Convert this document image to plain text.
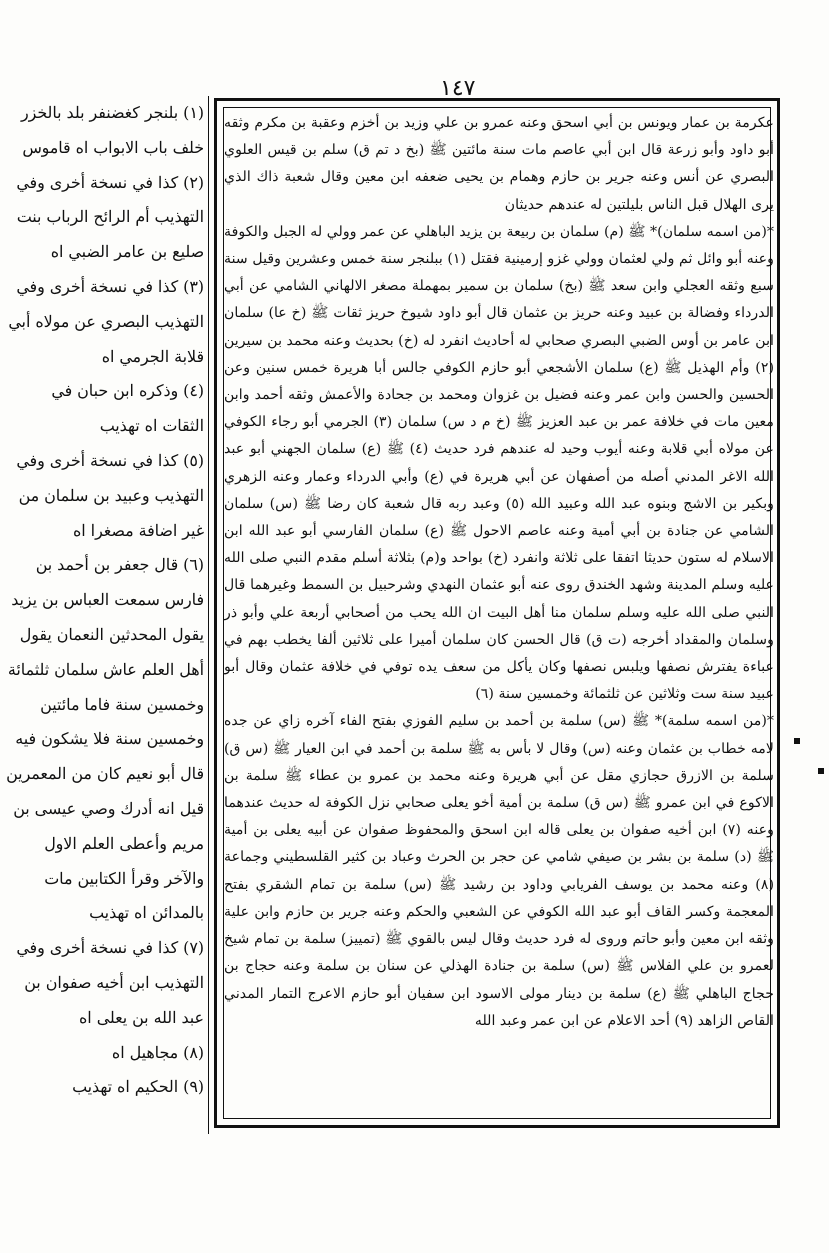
١٤٧

(١) بلنجر كغضنفر بلد بالخزر خلف باب الابواب اه قاموس

(٢) كذا في نسخة أخرى وفي التهذيب أم الرائح الرباب بنت صليع بن عامر الضبي اه

(٣) كذا في نسخة أخرى وفي التهذيب البصري عن مولاه أبي قلابة الجرمي اه

(٤) وذكره ابن حبان في الثقات اه تهذيب

(٥) كذا في نسخة أخرى وفي التهذيب وعبيد بن سلمان من غير اضافة مصغرا اه

(٦) قال جعفر بن أحمد بن فارس سمعت العباس بن يزيد يقول المحدثين النعمان يقول أهل العلم عاش سلمان ثلثمائة وخمسين سنة فاما مائتين وخمسين سنة فلا يشكون فيه قال أبو نعيم كان من المعمرين قيل انه أدرك وصي عيسى بن مريم وأعطى العلم الاول والآخر وقرأ الكتابين مات بالمدائن اه تهذيب

(٧) كذا في نسخة أخرى وفي التهذيب ابن أخيه صفوان بن عبد الله بن يعلى اه

(٨) مجاهيل اه

(٩) الحكيم اه تهذيب

عكرمة بن عمار ويونس بن أبي اسحق وعنه عمرو بن علي وزيد بن أخزم وعقبة بن مكرم وثقه أبو داود وأبو زرعة قال ابن أبي عاصم مات سنة مائتين ﷺ (بخ د تم ق) سلم بن قيس العلوي البصري عن أنس وعنه جرير بن حازم وهمام بن يحيى ضعفه ابن معين وقال شعبة ذاك الذي يرى الهلال قبل الناس بليلتين له عندهم حديثان

*(من اسمه سلمان)* ﷺ (م) سلمان بن ربيعة بن يزيد الباهلي عن عمر وولي له الجبل والكوفة وعنه أبو وائل ثم ولي لعثمان وولي غزو إرمينية فقتل (١) ببلنجر سنة خمس وعشرين وقيل سنة سبع وثقه العجلي وابن سعد ﷺ (بخ) سلمان بن سمير بمهملة مصغر الالهاني الشامي عن أبي الدرداء وفضالة بن عبيد وعنه حريز بن عثمان قال أبو داود شيوخ حريز ثقات ﷺ (خ عا) سلمان ابن عامر بن أوس الضبي البصري صحابي له أحاديث انفرد له (خ) بحديث وعنه محمد بن سيرين (٢) وأم الهذيل ﷺ (ع) سلمان الأشجعي أبو حازم الكوفي جالس أبا هريرة خمس سنين وعن الحسين والحسن وابن عمر وعنه فضيل بن غزوان ومحمد بن جحادة والأعمش وثقه أحمد وابن معين مات في خلافة عمر بن عبد العزيز ﷺ (خ م د س) سلمان (٣) الجرمي أبو رجاء الكوفي عن مولاه أبي قلابة وعنه أيوب وحيد له عندهم فرد حديث (٤) ﷺ (ع) سلمان الجهني أبو عبد الله الاغر المدني أصله من أصفهان عن أبي هريرة في (ع) وأبي الدرداء وعمار وعنه الزهري وبكير بن الاشج وبنوه عبد الله وعبيد الله (٥) وعبد ربه قال شعبة كان رضا ﷺ (س) سلمان الشامي عن جنادة بن أبي أمية وعنه عاصم الاحول ﷺ (ع) سلمان الفارسي أبو عبد الله ابن الاسلام له ستون حديثا اتفقا على ثلاثة وانفرد (خ) بواحد و(م) بثلاثة أسلم مقدم النبي صلى الله عليه وسلم المدينة وشهد الخندق روى عنه أبو عثمان النهدي وشرحبيل بن السمط وغيرهما قال النبي صلى الله عليه وسلم سلمان منا أهل البيت ان الله يحب من أصحابي أربعة علي وأبو ذر وسلمان والمقداد أخرجه (ت ق) قال الحسن كان سلمان أميرا على ثلاثين ألفا يخطب بهم في عباءة يفترش نصفها ويلبس نصفها وكان يأكل من سعف يده توفي في خلافة عثمان وقال أبو عبيد سنة ست وثلاثين عن ثلثمائة وخمسين سنة (٦)

*(من اسمه سلمة)* ﷺ (س) سلمة بن أحمد بن سليم الفوزي بفتح الفاء آخره زاي عن جده لامه خطاب بن عثمان وعنه (س) وقال لا بأس به ﷺ سلمة بن أحمد في ابن العيار ﷺ (س ق) سلمة بن الازرق حجازي مقل عن أبي هريرة وعنه محمد بن عمرو بن عطاء ﷺ سلمة بن الاكوع في ابن عمرو ﷺ (س ق) سلمة بن أمية أخو يعلى صحابي نزل الكوفة له حديث عندهما وعنه (٧) ابن أخيه صفوان بن يعلى قاله ابن اسحق والمحفوظ صفوان عن أبيه يعلى بن أمية ﷺ (د) سلمة بن بشر بن صيفي شامي عن حجر بن الحرث وعباد بن كثير القلسطيني وجماعة (٨) وعنه محمد بن يوسف الفريابي وداود بن رشيد ﷺ (س) سلمة بن تمام الشقري بفتح المعجمة وكسر القاف أبو عبد الله الكوفي عن الشعبي والحكم وعنه جرير بن حازم وابن علية وثقه ابن معين وأبو حاتم وروى له فرد حديث وقال ليس بالقوي ﷺ (تمييز) سلمة بن تمام شيخ لعمرو بن علي الفلاس ﷺ (س) سلمة بن جنادة الهذلي عن سنان بن سلمة وعنه حجاج بن حجاج الباهلي ﷺ (ع) سلمة بن دينار مولى الاسود ابن سفيان أبو حازم الاعرج التمار المدني القاص الزاهد (٩) أحد الاعلام عن ابن عمر وعبد الله
